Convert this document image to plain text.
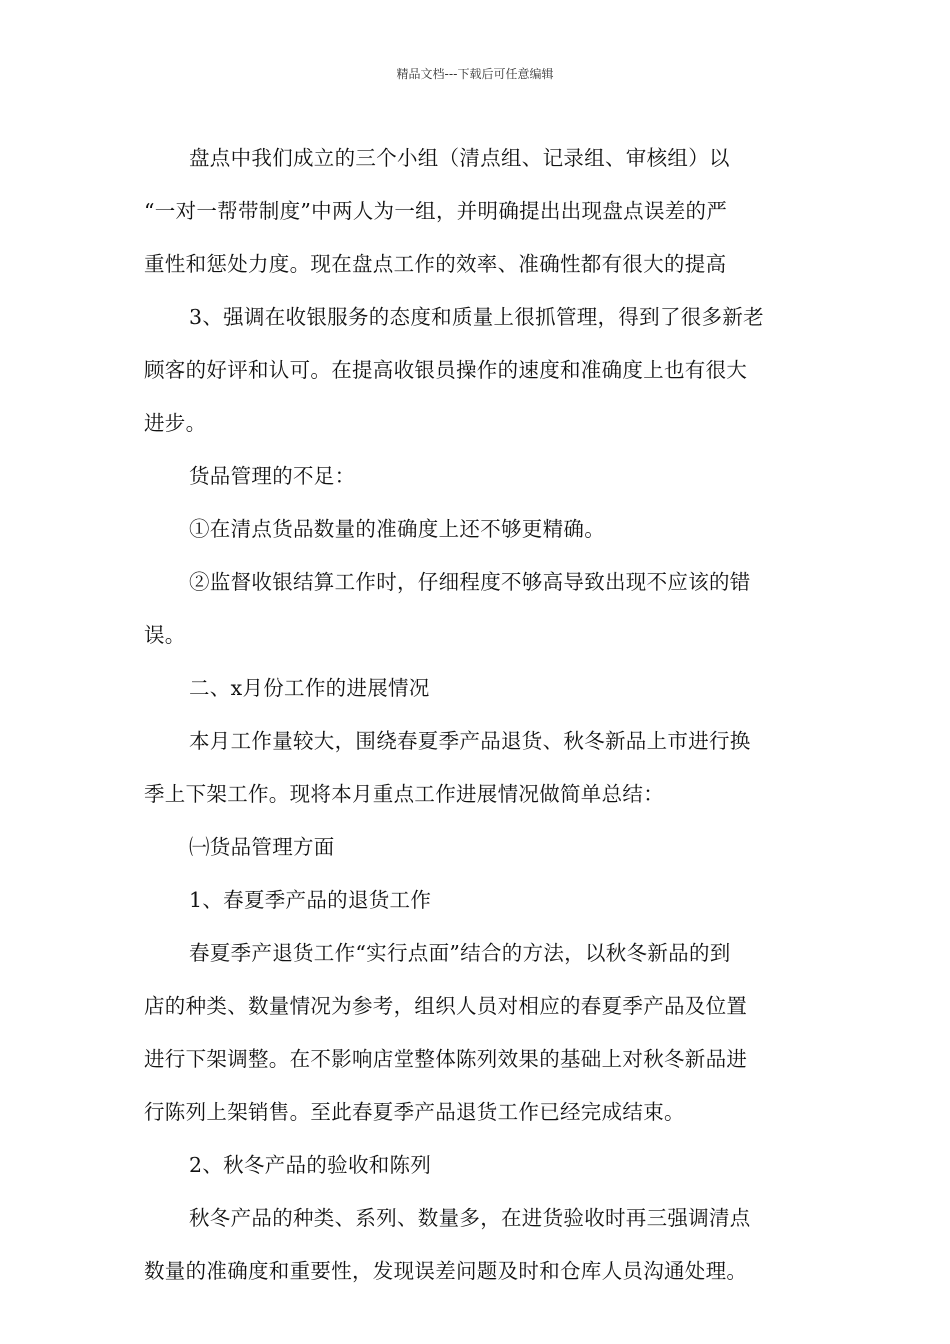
精品文档---下载后可任意编辑

盘点中我们成立的三个小组（清点组、记录组、审核组）以
“一对一帮带制度”中两人为一组，并明确提出出现盘点误差的严
重性和惩处力度。现在盘点工作的效率、准确性都有很大的提高

3、强调在收银服务的态度和质量上很抓管理，得到了很多新老
顾客的好评和认可。在提高收银员操作的速度和准确度上也有很大
进步。

货品管理的不足：

①在清点货品数量的准确度上还不够更精确。

②监督收银结算工作时，仔细程度不够高导致出现不应该的错
误。

二、x月份工作的进展情况

本月工作量较大，围绕春夏季产品退货、秋冬新品上市进行换
季上下架工作。现将本月重点工作进展情况做简单总结：

㈠货品管理方面

1、春夏季产品的退货工作

春夏季产退货工作“实行点面”结合的方法，以秋冬新品的到
店的种类、数量情况为参考，组织人员对相应的春夏季产品及位置
进行下架调整。在不影响店堂整体陈列效果的基础上对秋冬新品进
行陈列上架销售。至此春夏季产品退货工作已经完成结束。

2、秋冬产品的验收和陈列

秋冬产品的种类、系列、数量多，在进货验收时再三强调清点
数量的准确度和重要性，发现误差问题及时和仓库人员沟通处理。
